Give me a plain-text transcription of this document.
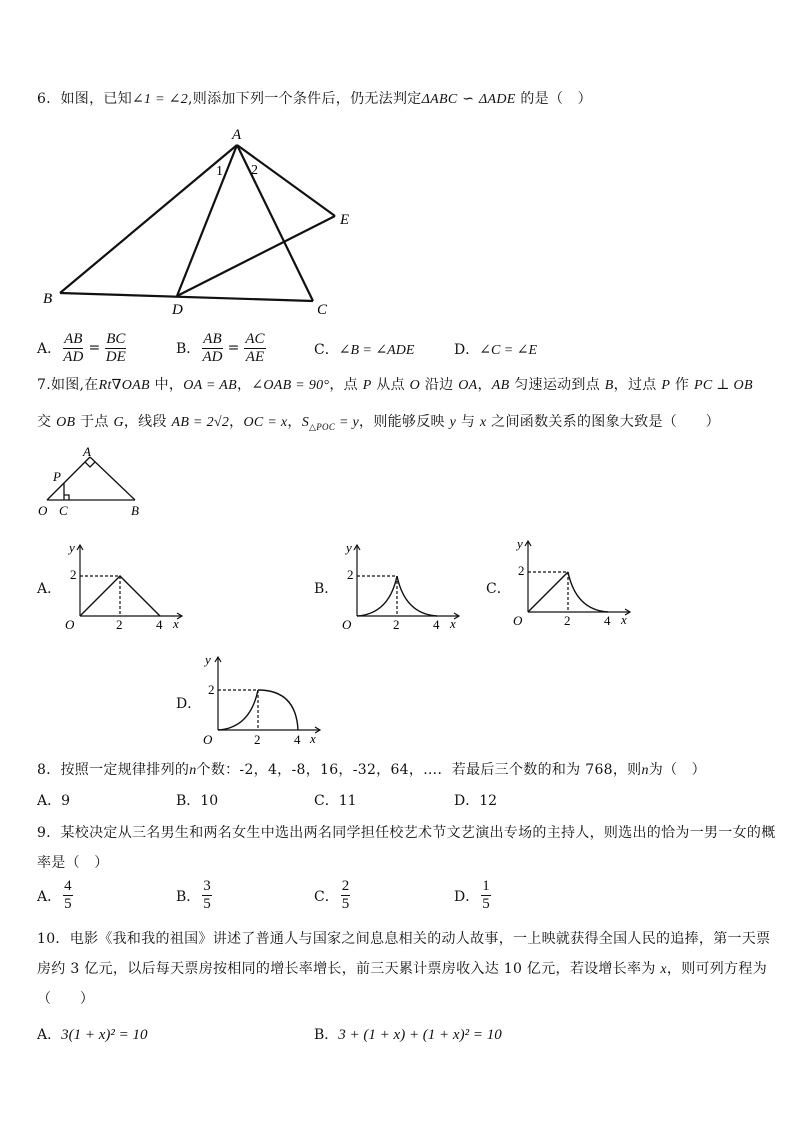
6．如图，已知∠1 = ∠2,则添加下列一个条件后，仍无法判定ΔABC ∽ ΔADE 的是（　）
A
B
C
D
E
1 2
A． $\frac{AB}{AD} = \frac{BC}{DE}$	B． $\frac{AB}{AD} = \frac{AC}{AE}$	C．∠B = ∠ADE	D．∠C = ∠E
7.如图,在Rt∇OAB 中，OA = AB，∠OAB = 90°，点 P 从点 O 沿边 OA，AB 匀速运动到点 B，过点 P 作 PC ⊥ OB
交 OB 于点 G，线段 AB = 2√2，OC = x，$S_{\triangle POC} = y$，则能够反映 y 与 x 之间函数关系的图象大致是（　　）
A
P
O C	B
A．
y
2
O	2	4 x
B．
y
2
O	2	4 x
C．
y
2
O	2	4 x
D．
y
2
O	2	4 x
8．按照一定规律排列的n个数：-2，4，-8，16，-32，64，…．若最后三个数的和为 768，则n为（　）
A．9	B．10	C．11	D．12
9．某校决定从三名男生和两名女生中选出两名同学担任校艺术节文艺演出专场的主持人，则选出的恰为一男一女的概
率是（　）
A． $\frac{4}{5}$	B． $\frac{3}{5}$	C． $\frac{2}{5}$	D． $\frac{1}{5}$
10．电影《我和我的祖国》讲述了普通人与国家之间息息相关的动人故事，一上映就获得全国人民的追捧，第一天票
房约 3 亿元，以后每天票房按相同的增长率增长，前三天累计票房收入达 10 亿元，若设增长率为 x，则可列方程为
（　　）
A．3(1 + x)² = 10	B．3 + (1 + x) + (1 + x)² = 10
